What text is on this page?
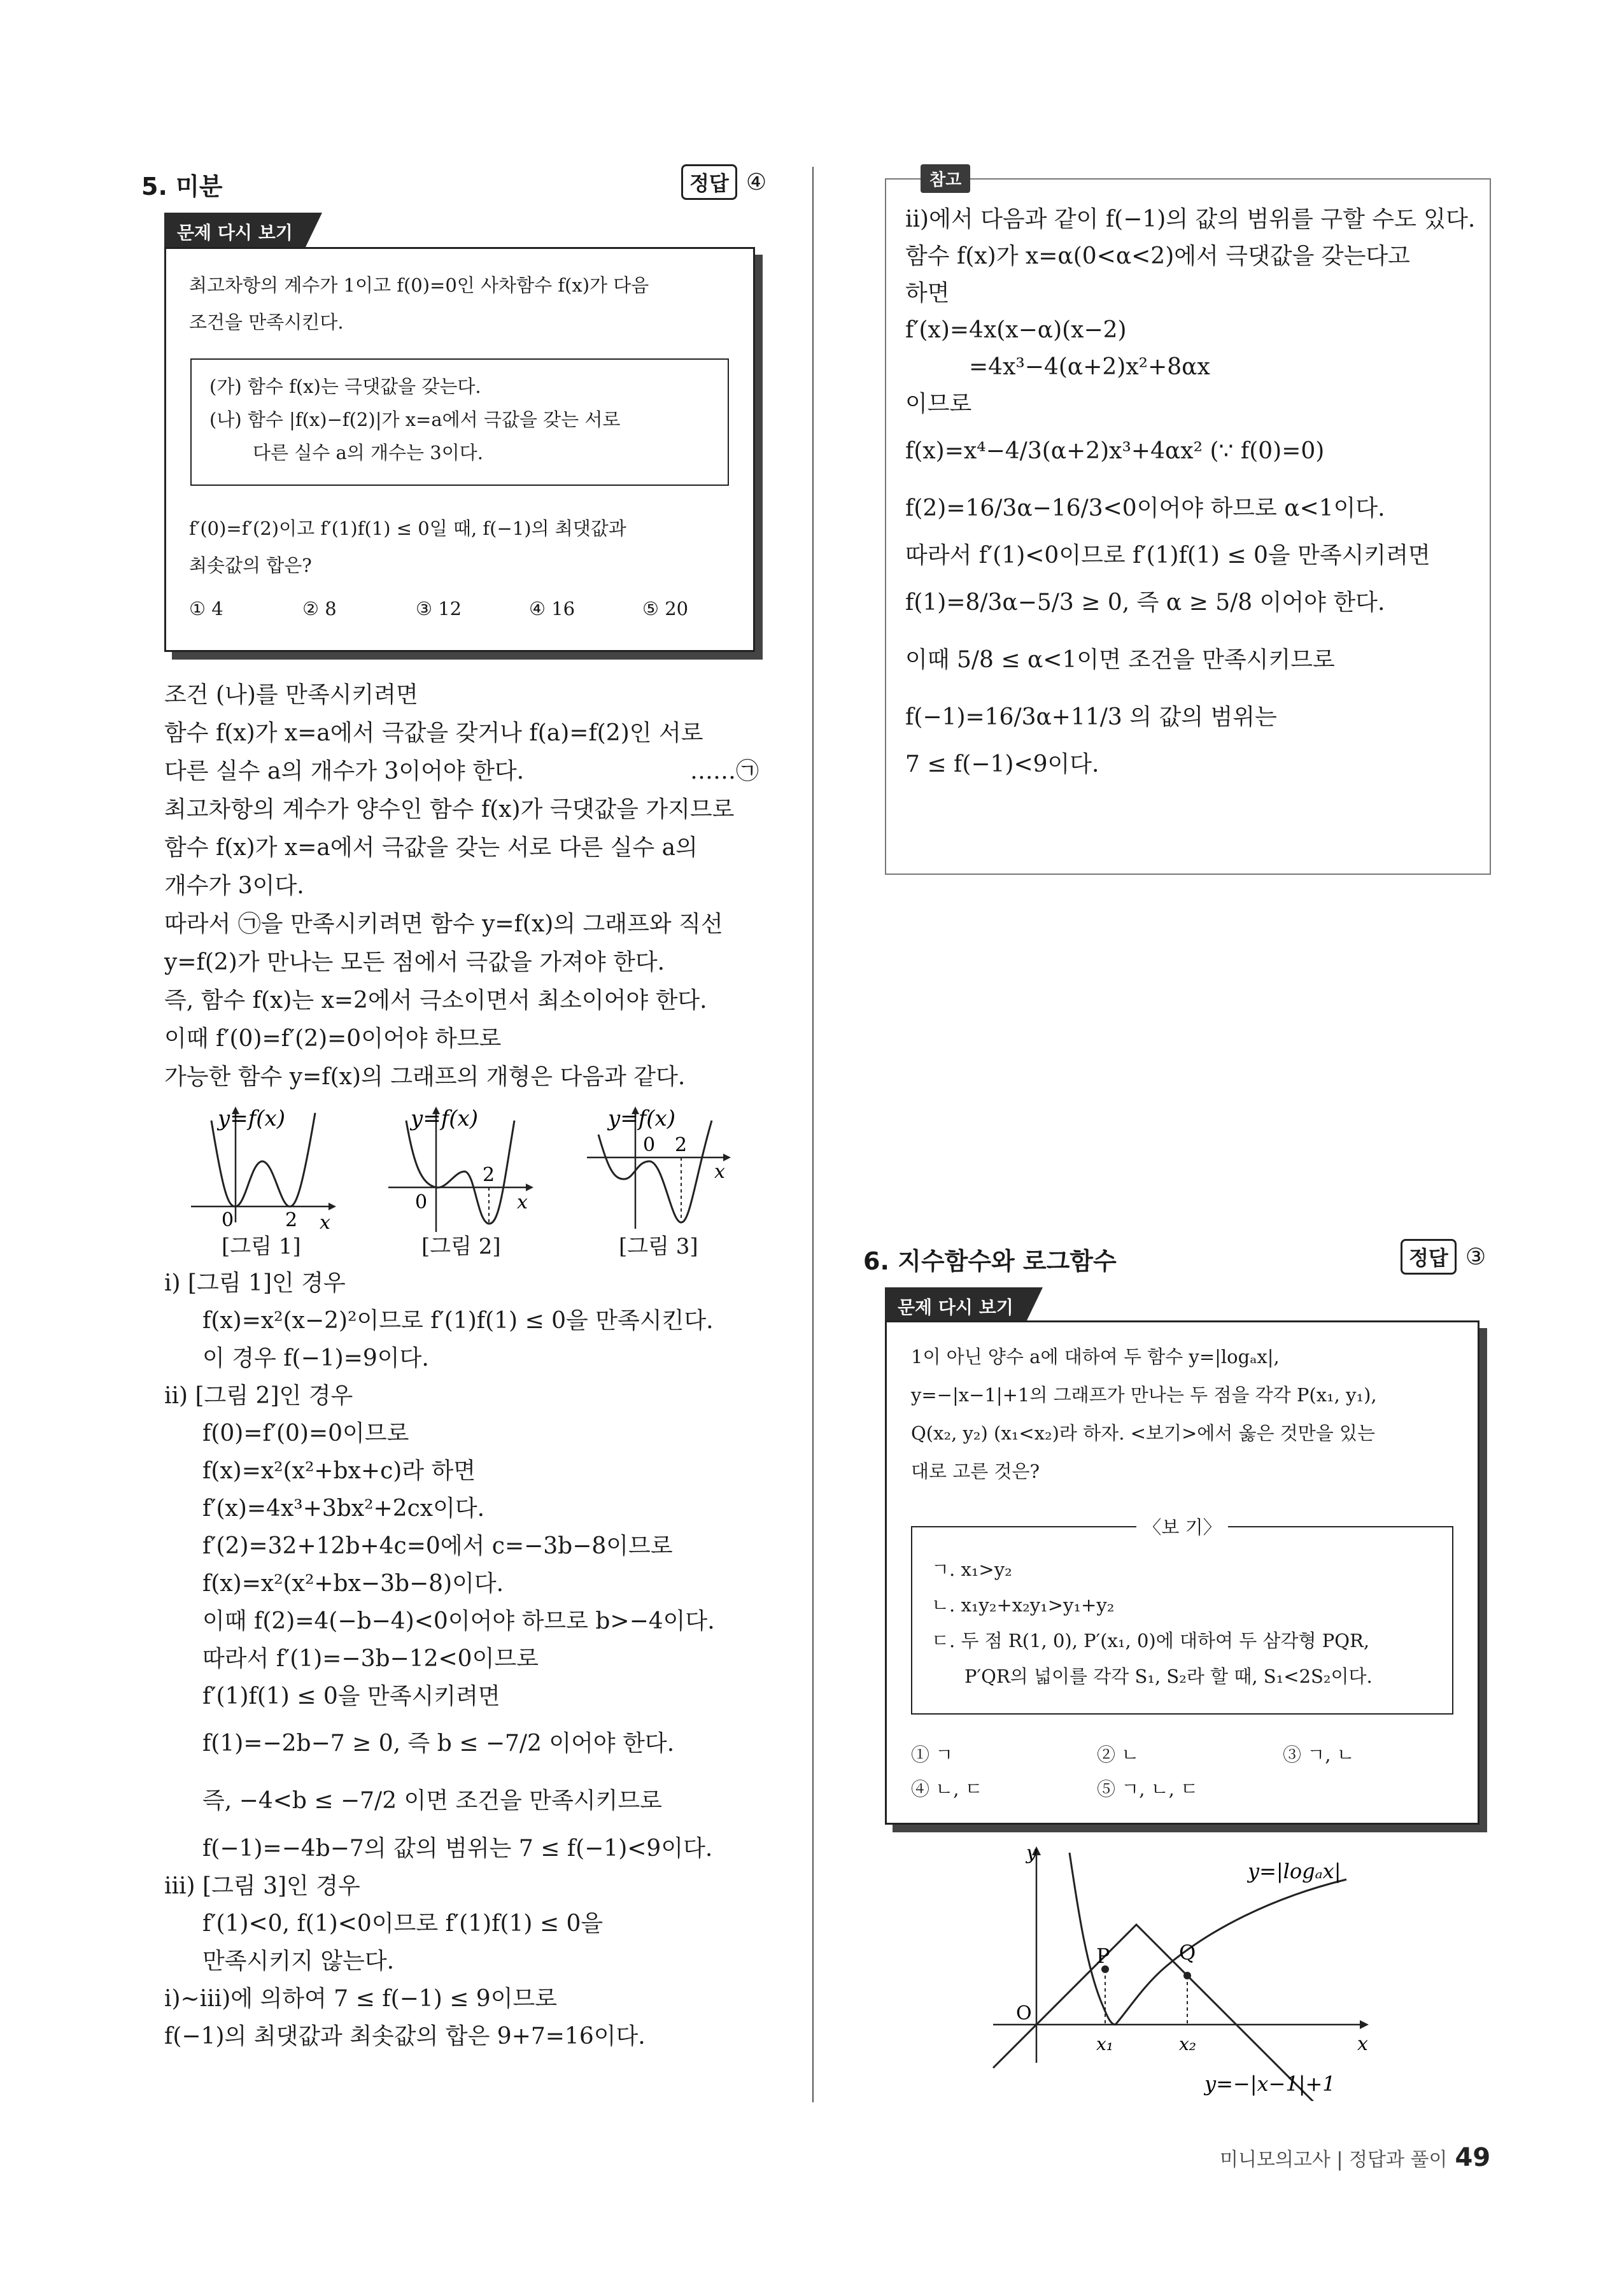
5. 미분	정답 ④
문제 다시 보기
최고차항의 계수가 1이고 f(0)=0인 사차함수 f(x)가 다음
조건을 만족시킨다.
(가) 함수 f(x)는 극댓값을 갖는다.
(나) 함수 |f(x)−f(2)|가 x=a에서 극값을 갖는 서로
다른 실수 a의 개수는 3이다.
f′(0)=f′(2)이고 f′(1)f(1) ≤ 0일 때, f(−1)의 최댓값과
최솟값의 합은?
① 4	② 8	③ 12	④ 16	⑤ 20

조건 (나)를 만족시키려면

함수 f(x)가 x=a에서 극값을 갖거나 f(a)=f(2)인 서로

다른 실수 a의 개수가 3이어야 한다.

최고차항의 계수가 양수인 함수 f(x)가 극댓값을 가지므로

함수 f(x)가 x=a에서 극값을 갖는 서로 다른 실수 a의

개수가 3이다.

따라서 ㉠을 만족시키려면 함수 y=f(x)의 그래프와 직선

y=f(2)가 만나는 모든 점에서 극값을 가져야 한다.

즉, 함수 f(x)는 x=2에서 극소이면서 최소이어야 한다.

이때 f′(0)=f′(2)=0이어야 하므로

가능한 함수 y=f(x)의 그래프의 개형은 다음과 같다.

……㉠
y=f(x)
0	2 x
y=f(x)
0
2
x
y=f(x)
0 2
x
[그림 1]	[그림 2]	[그림 3]

ⅰ) [그림 1]인 경우

f(x)=x²(x−2)²이므로 f′(1)f(1) ≤ 0을 만족시킨다.

이 경우 f(−1)=9이다.

ⅱ) [그림 2]인 경우

f(0)=f′(0)=0이므로

f(x)=x²(x²+bx+c)라 하면

f′(x)=4x³+3bx²+2cx이다.

f′(2)=32+12b+4c=0에서 c=−3b−8이므로

f(x)=x²(x²+bx−3b−8)이다.

이때 f(2)=4(−b−4)<0이어야 하므로 b>−4이다.

따라서 f′(1)=−3b−12<0이므로

f′(1)f(1) ≤ 0을 만족시키려면

f(1)=−2b−7 ≥ 0, 즉 b ≤ −7/2 이어야 한다.

즉, −4<b ≤ −7/2 이면 조건을 만족시키므로

f(−1)=−4b−7의 값의 범위는 7 ≤ f(−1)<9이다.

ⅲ) [그림 3]인 경우

f′(1)<0, f(1)<0이므로 f′(1)f(1) ≤ 0을

만족시키지 않는다.

ⅰ)~ⅲ)에 의하여 7 ≤ f(−1) ≤ 9이므로

f(−1)의 최댓값과 최솟값의 합은 9+7=16이다.

참고

ⅱ)에서 다음과 같이 f(−1)의 값의 범위를 구할 수도 있다.

함수 f(x)가 x=α(0<α<2)에서 극댓값을 갖는다고

하면

f′(x)=4x(x−α)(x−2)

=4x³−4(α+2)x²+8αx

이므로

f(x)=x⁴−4/3(α+2)x³+4αx² (∵ f(0)=0)

f(2)=16/3α−16/3<0이어야 하므로 α<1이다.

따라서 f′(1)<0이므로 f′(1)f(1) ≤ 0을 만족시키려면

f(1)=8/3α−5/3 ≥ 0, 즉 α ≥ 5/8 이어야 한다.

이때 5/8 ≤ α<1이면 조건을 만족시키므로

f(−1)=16/3α+11/3 의 값의 범위는

7 ≤ f(−1)<9이다.

6. 지수함수와 로그함수	정답 ③
문제 다시 보기
1이 아닌 양수 a에 대하여 두 함수 y=|logₐx|,
y=−|x−1|+1의 그래프가 만나는 두 점을 각각 P(x₁, y₁),
Q(x₂, y₂) (x₁<x₂)라 하자. <보기>에서 옳은 것만을 있는
대로 고른 것은?
〈보 기〉
ㄱ. x₁>y₂
ㄴ. x₁y₂+x₂y₁>y₁+y₂
ㄷ. 두 점 R(1, 0), P′(x₁, 0)에 대하여 두 삼각형 PQR,
P′QR의 넓이를 각각 S₁, S₂라 할 때, S₁<2S₂이다.
① ㄱ	② ㄴ	③ ㄱ, ㄴ
④ ㄴ, ㄷ	⑤ ㄱ, ㄴ, ㄷ
y
x
O
P	Q
x₁	x₂
y=|logₐx|
y=−|x−1|+1
미니모의고사 | 정답과 풀이 49
